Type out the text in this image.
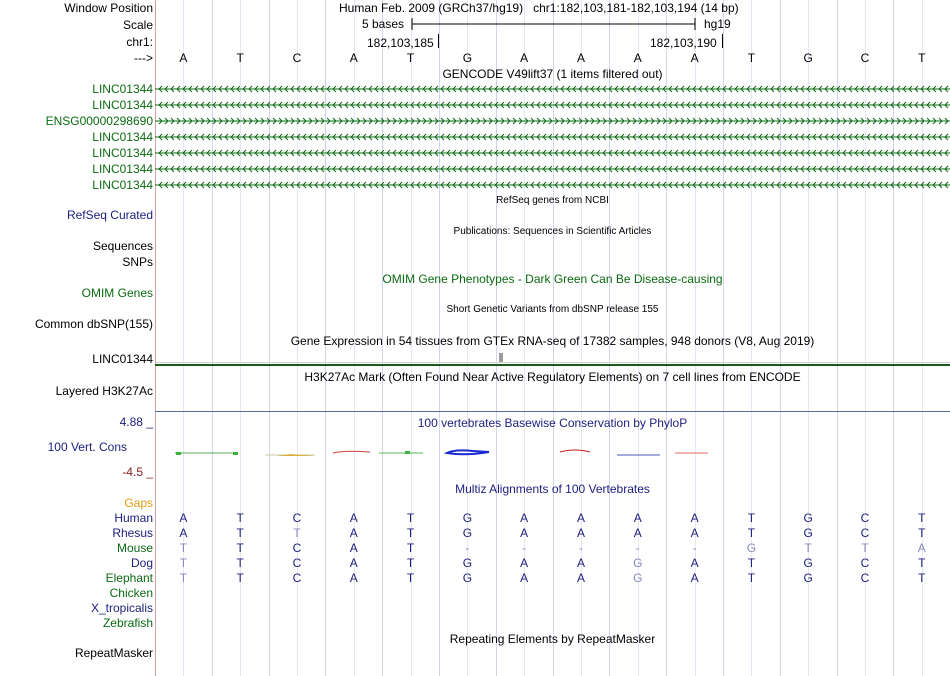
Window Position	Human Feb. 2009 (GRCh37/hg19) chr1:182,103,181-182,103,194 (14 bp)
Scale	5 bases	hg19
chr1:	182,103,185	182,103,190
---> A	T	C	A	T	G	A	A	A	A	T	G	C	T
GENCODE V49lift37 (1 items filtered out)
LINC01344
LINC01344
ENSG00000298690
LINC01344
LINC01344
LINC01344
LINC01344
RefSeq genes from NCBI
RefSeq Curated
Publications: Sequences in Scientific Articles
Sequences
SNPs
OMIM Gene Phenotypes - Dark Green Can Be Disease-causing
OMIM Genes
Short Genetic Variants from dbSNP release 155
Common dbSNP(155)
Gene Expression in 54 tissues from GTEx RNA-seq of 17382 samples, 948 donors (V8, Aug 2019)
LINC01344
H3K27Ac Mark (Often Found Near Active Regulatory Elements) on 7 cell lines from ENCODE
Layered H3K27Ac
100 vertebrates Basewise Conservation by PhyloP
4.88 _
100 Vert. Cons
-4.5 _
Multiz Alignments of 100 Vertebrates
Gaps
Human A	T	C	A	T	G	A	A	A	A	T	G	C	T
Rhesus A	T	T	A	T	G	A	A	A	A	T	G	C	T
Mouse T	T	C	A	T	-	-	-	-	-	G	T	T	A
Dog T	T	C	A	T	G	A	A	G	A	T	G	C	T
Elephant T	T	C	A	T	G	A	A	G	A	T	G	C	T
Chicken
X_tropicalis
Zebrafish
Repeating Elements by RepeatMasker
RepeatMasker
